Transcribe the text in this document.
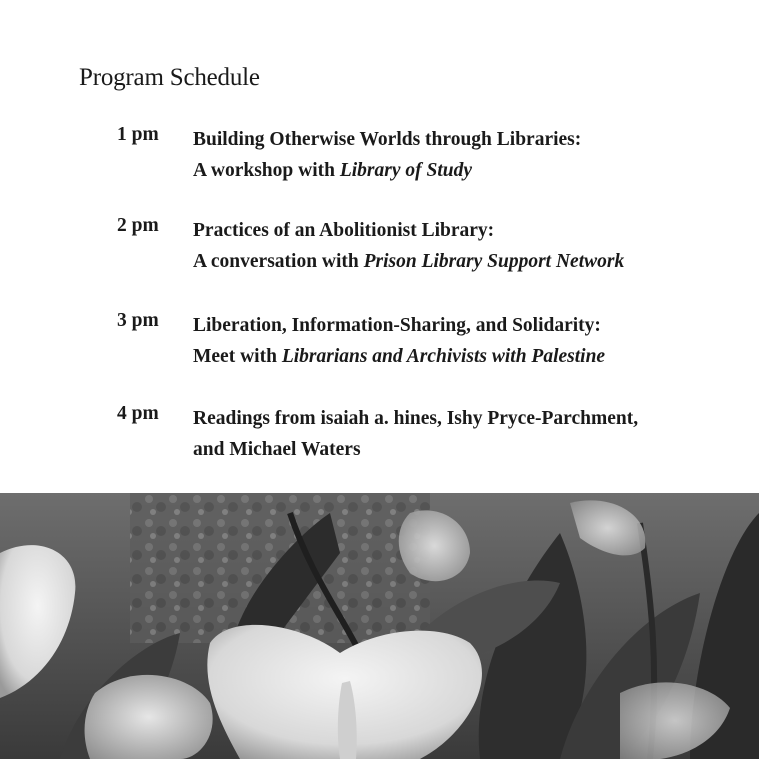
Program Schedule
1 pm Building Otherwise Worlds through Libraries:
A workshop with Library of Study
2 pm Practices of an Abolitionist Library:
A conversation with Prison Library Support Network
3 pm Liberation, Information-Sharing, and Solidarity:
Meet with Librarians and Archivists with Palestine
4 pm Readings from isaiah a. hines, Ishy Pryce-Parchment,
and Michael Waters
